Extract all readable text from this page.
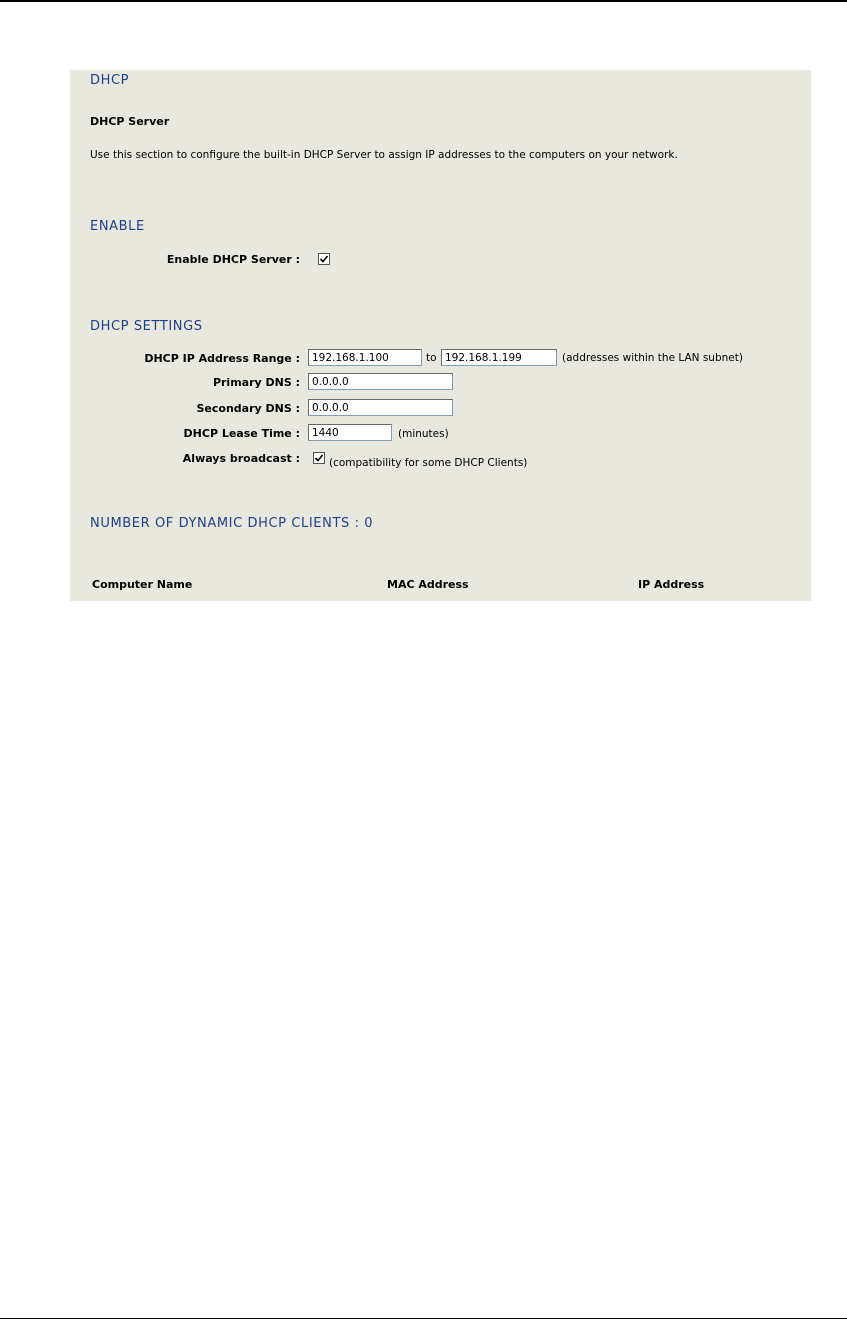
DHCP
DHCP Server
Use this section to configure the built-in DHCP Server to assign IP addresses to the computers on your network.
ENABLE
Enable DHCP Server :
DHCP SETTINGS
DHCP IP Address Range :
192.168.1.100	to
192.168.1.199	(addresses within the LAN subnet)
Primary DNS :
0.0.0.0
Secondary DNS :
0.0.0.0
DHCP Lease Time :
1440	(minutes)
Always broadcast :	(compatibility for some DHCP Clients)
NUMBER OF DYNAMIC DHCP CLIENTS : 0
Computer Name	MAC Address	IP Address
